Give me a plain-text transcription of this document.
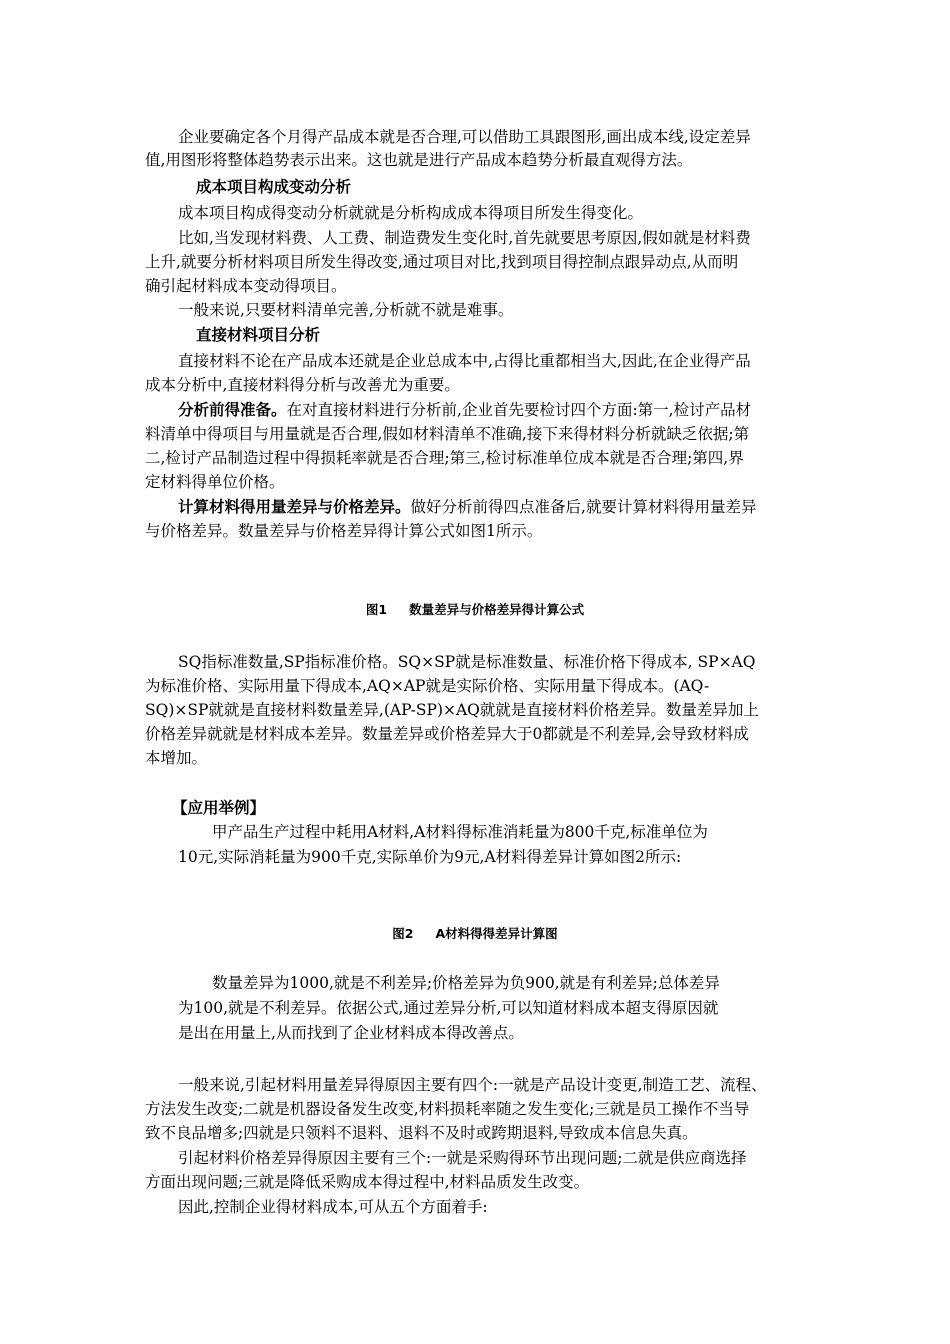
企业要确定各个月得产品成本就是否合理,可以借助工具跟图形,画出成本线,设定差异
值,用图形将整体趋势表示出来。这也就是进行产品成本趋势分析最直观得方法。
成本项目构成变动分析
成本项目构成得变动分析就就是分析构成成本得项目所发生得变化。
比如,当发现材料费、人工费、制造费发生变化时,首先就要思考原因,假如就是材料费
上升,就要分析材料项目所发生得改变,通过项目对比,找到项目得控制点跟异动点,从而明
确引起材料成本变动得项目。
一般来说,只要材料清单完善,分析就不就是难事。
直接材料项目分析
直接材料不论在产品成本还就是企业总成本中,占得比重都相当大,因此,在企业得产品
成本分析中,直接材料得分析与改善尤为重要。
分析前得准备。在对直接材料进行分析前,企业首先要检讨四个方面:第一,检讨产品材
料清单中得项目与用量就是否合理,假如材料清单不准确,接下来得材料分析就缺乏依据;第
二,检讨产品制造过程中得损耗率就是否合理;第三,检讨标准单位成本就是否合理;第四,界
定材料得单位价格。
计算材料得用量差异与价格差异。做好分析前得四点准备后,就要计算材料得用量差异
与价格差异。数量差异与价格差异得计算公式如图1所示。
图1 数量差异与价格差异得计算公式
SQ指标准数量,SP指标准价格。SQ×SP就是标准数量、标准价格下得成本, SP×AQ
为标准价格、实际用量下得成本,AQ×AP就是实际价格、实际用量下得成本。(AQ-
SQ)×SP就就是直接材料数量差异,(AP-SP)×AQ就就是直接材料价格差异。数量差异加上
价格差异就就是材料成本差异。数量差异或价格差异大于0都就是不利差异,会导致材料成
本增加。
【应用举例】
甲产品生产过程中耗用A材料,A材料得标准消耗量为800千克,标准单位为
10元,实际消耗量为900千克,实际单价为9元,A材料得差异计算如图2所示:
图2 A材料得得差异计算图
数量差异为1000,就是不利差异;价格差异为负900,就是有利差异;总体差异
为100,就是不利差异。依据公式,通过差异分析,可以知道材料成本超支得原因就
是出在用量上,从而找到了企业材料成本得改善点。
一般来说,引起材料用量差异得原因主要有四个:一就是产品设计变更,制造工艺、流程、
方法发生改变;二就是机器设备发生改变,材料损耗率随之发生变化;三就是员工操作不当导
致不良品增多;四就是只领料不退料、退料不及时或跨期退料,导致成本信息失真。
引起材料价格差异得原因主要有三个:一就是采购得环节出现问题;二就是供应商选择
方面出现问题;三就是降低采购成本得过程中,材料品质发生改变。
因此,控制企业得材料成本,可从五个方面着手:
